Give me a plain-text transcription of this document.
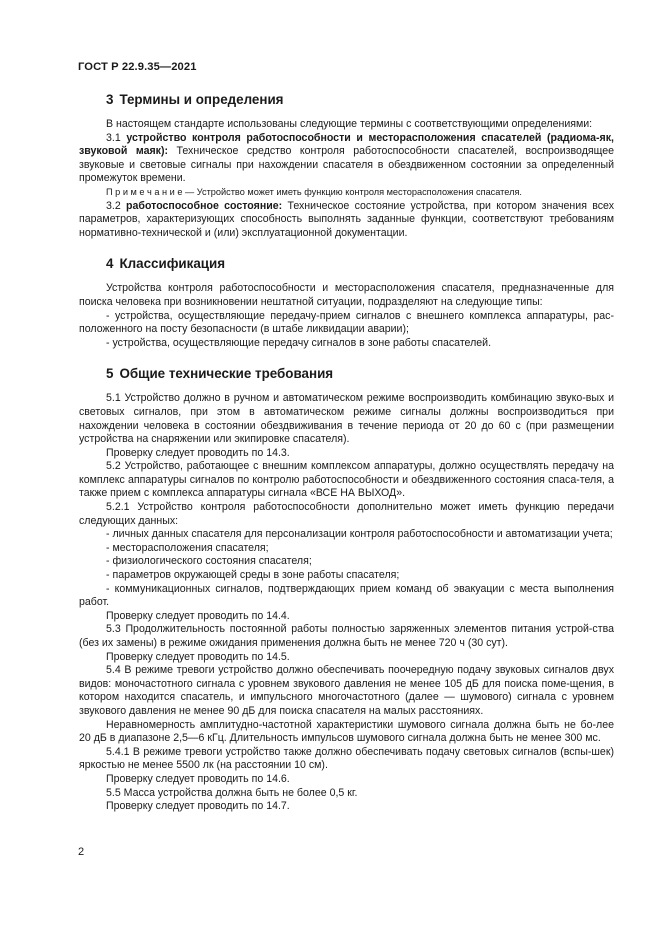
ГОСТ Р 22.9.35—2021
3 Термины и определения

В настоящем стандарте использованы следующие термины с соответствующими определениями:

3.1 устройство контроля работоспособности и месторасположения спасателей (радиома-як, звуковой маяк): Техническое средство контроля работоспособности спасателей, воспроизводящее звуковые и световые сигналы при нахождении спасателя в обездвиженном состоянии за определенный промежуток времени.

П р и м е ч а н и е — Устройство может иметь функцию контроля месторасположения спасателя.

3.2 работоспособное состояние: Техническое состояние устройства, при котором значения всех параметров, характеризующих способность выполнять заданные функции, соответствуют требованиям нормативно-технической и (или) эксплуатационной документации.

4 Классификация

Устройства контроля работоспособности и месторасположения спасателя, предназначенные для поиска человека при возникновении нештатной ситуации, подразделяют на следующие типы:

- устройства, осуществляющие передачу-прием сигналов с внешнего комплекса аппаратуры, рас-положенного на посту безопасности (в штабе ликвидации аварии);

- устройства, осуществляющие передачу сигналов в зоне работы спасателей.

5 Общие технические требования

5.1 Устройство должно в ручном и автоматическом режиме воспроизводить комбинацию звуко-вых и световых сигналов, при этом в автоматическом режиме сигналы должны воспроизводиться при нахождении человека в состоянии обездвиживания в течение периода от 20 до 60 с (при размещении устройства на снаряжении или экипировке спасателя).

Проверку следует проводить по 14.3.

5.2 Устройство, работающее с внешним комплексом аппаратуры, должно осуществлять передачу на комплекс аппаратуры сигналов по контролю работоспособности и обездвиженного состояния спаса-теля, а также прием с комплекса аппаратуры сигнала «ВСЕ НА ВЫХОД».

5.2.1 Устройство контроля работоспособности дополнительно может иметь функцию передачи следующих данных:

- личных данных спасателя для персонализации контроля работоспособности и автоматизации учета;

- месторасположения спасателя;

- физиологического состояния спасателя;

- параметров окружающей среды в зоне работы спасателя;

- коммуникационных сигналов, подтверждающих прием команд об эвакуации с места выполнения работ.

Проверку следует проводить по 14.4.

5.3 Продолжительность постоянной работы полностью заряженных элементов питания устрой-ства (без их замены) в режиме ожидания применения должна быть не менее 720 ч (30 сут).

Проверку следует проводить по 14.5.

5.4 В режиме тревоги устройство должно обеспечивать поочередную подачу звуковых сигналов двух видов: моночастотного сигнала с уровнем звукового давления не менее 105 дБ для поиска поме-щения, в котором находится спасатель, и импульсного многочастотного (далее — шумового) сигнала с уровнем звукового давления не менее 90 дБ для поиска спасателя на малых расстояниях.

Неравномерность амплитудно-частотной характеристики шумового сигнала должна быть не бо-лее 20 дБ в диапазоне 2,5—6 кГц. Длительность импульсов шумового сигнала должна быть не менее 300 мс.

5.4.1 В режиме тревоги устройство также должно обеспечивать подачу световых сигналов (вспы-шек) яркостью не менее 5500 лк (на расстоянии 10 см).

Проверку следует проводить по 14.6.

5.5 Масса устройства должна быть не более 0,5 кг.

Проверку следует проводить по 14.7.

2
